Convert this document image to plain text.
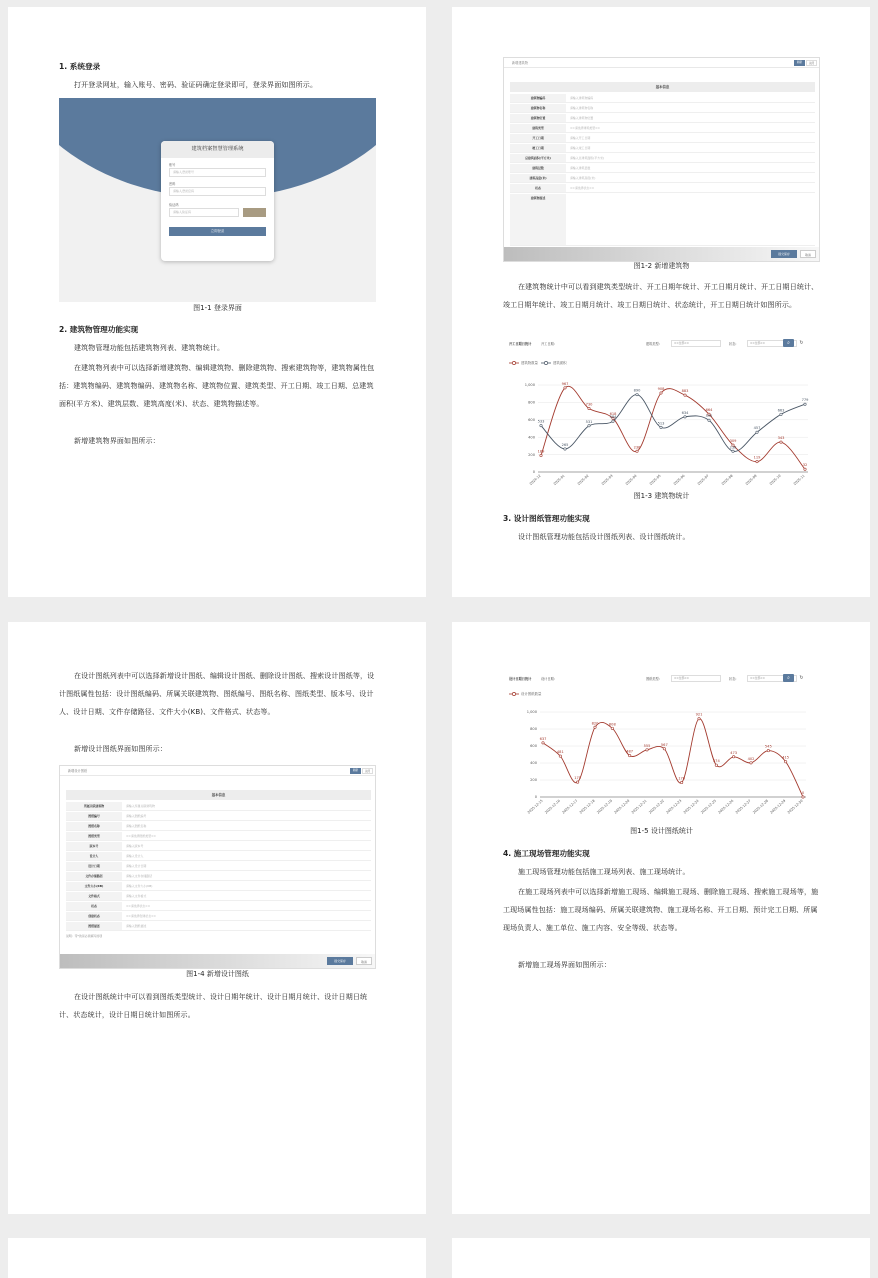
1. 系统登录
打开登录网址，输入账号、密码、验证码确定登录即可，登录界面如图所示。
建筑档案智慧管理系统
账号
请输入登录账号
密码
请输入登录密码
验证码
请输入验证码
立即登录
图1-1 登录界面
2. 建筑物管理功能实现
建筑物管理功能包括建筑物列表、建筑物统计。
在建筑物列表中可以选择新增建筑物、编辑建筑物、删除建筑物、搜索建筑物等，建筑物属性包括：建筑物编码、建筑物编码、建筑物名称、建筑物位置、建筑类型、开工日期、竣工日期、总建筑面积(平方米)、建筑层数、建筑高度(米)、状态、建筑物描述等。
新增建筑物界面如图所示：
新增建筑物	刷新	关闭
基本信息
建筑物编码	请输入建筑物编码
建筑物名称	请输入建筑物名称
建筑物位置	请输入建筑物位置
建筑类型	==请选择建筑类型==
开工日期	请输入开工日期
竣工日期	请输入竣工日期
总建筑面积(平方米)	请输入总建筑面积(平方米)
建筑层数	请输入建筑层数
建筑高度(米)	请输入建筑高度(米)
状态	==请选择状态==
建筑物描述
提交保存	取消
图1-2 新增建筑物
在建筑物统计中可以看到建筑类型统计、开工日期年统计、开工日期月统计、开工日期日统计、竣工日期年统计、竣工日期月统计、竣工日期日统计、状态统计，开工日期日统计如图所示。
开工日期日统计	开工日期:	建筑类型:	==全部==	状态:	==全部==	⌕	↻
建筑物数量	建筑面积
0
200
400
600
800
1,000
2024-12	2025-01	2025-02	2025-03	2025-04	2025-05	2025-06	2025-07	2025-08	2025-09	2025-10	2025-11
189
967
730
618
238
908
883
664
309
119
343
32
533
265
531
584
890
513
634
595
238
457
663
779
图1-3 建筑物统计
3. 设计图纸管理功能实现
设计图纸管理功能包括设计图纸列表、设计图纸统计。
在设计图纸列表中可以选择新增设计图纸、编辑设计图纸、删除设计图纸、搜索设计图纸等，设计图纸属性包括：设计图纸编码、所属关联建筑物、图纸编号、图纸名称、图纸类型、版本号、设计人、设计日期、文件存储路径、文件大小(KB)、文件格式、状态等。
新增设计图纸界面如图所示：
新增设计图纸	刷新	关闭
基本信息
所属关联建筑物	请输入所属关联建筑物
图纸编号	请输入图纸编号
图纸名称	请输入图纸名称
图纸类型	==请选择图纸类型==
版本号	请输入版本号
设计人	请输入设计人
设计日期	请输入设计日期
文件存储路径	请输入文件存储路径
文件大小(KB)	请输入文件大小(KB)
文件格式	请输入文件格式
状态	==请选择状态==
创建状态	==请选择创建状态==
图纸描述	请输入图纸描述
说明：带*的是必须填写的项
提交保存	取消
图1-4 新增设计图纸
在设计图纸统计中可以看到图纸类型统计、设计日期年统计、设计日期月统计、设计日期日统计、状态统计，设计日期日统计如图所示。
设计日期日统计	设计日期:	图纸类型:	==全部==	状态:	==全部==	⌕	↻
设计图纸数量
0
200
400
600
800
1,000
2025-12-15 2025-12-16 2025-12-17 2025-12-18 2025-12-19 2025-12-20 2025-12-21 2025-12-22 2025-12-23 2025-12-24 2025-12-25 2025-12-26 2025-12-27 2025-12-28 2025-12-29 2025-12-30
637
481
175
820	808
487
555	567
170
921
374
473
402
545
415
0
图1-5 设计图纸统计
4. 施工现场管理功能实现
施工现场管理功能包括施工现场列表、施工现场统计。
在施工现场列表中可以选择新增施工现场、编辑施工现场、删除施工现场、搜索施工现场等，施工现场属性包括：施工现场编码、所属关联建筑物、施工现场名称、开工日期、预计完工日期、所属现场负责人、施工单位、施工内容、安全等级、状态等。
新增施工现场界面如图所示：
